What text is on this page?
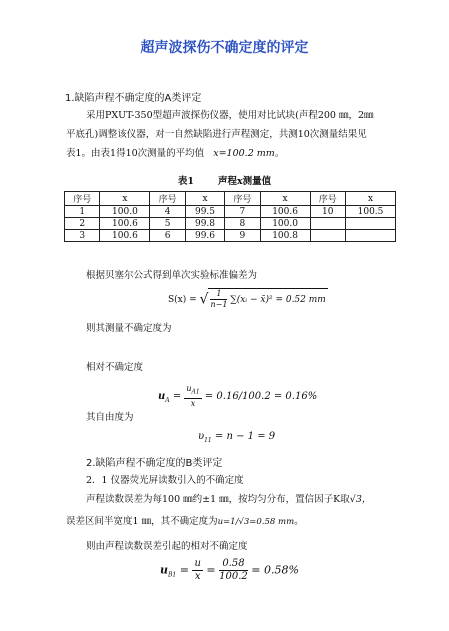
超声波探伤不确定度的评定
1.缺陷声程不确定度的A类评定
采用PXUT-350型超声波探伤仪器，使用对比试块(声程200 ㎜，2㎜
平底孔)调整该仪器，对一自然缺陷进行声程测定，共测10次测量结果见
表1。由表1得10次测量的平均值 x=100.2 mm。
表1	声程x测量值
序号	x	序号	x	序号	x	序号	x
1	100.0	4	99.5	7	100.6	10	100.5
2	100.6	5	99.8	8	100.0		
3	100.6	6	99.6	9	100.8		
根据贝塞尔公式得到单次实验标准偏差为
S(x) = √ $\frac{1}{n-1}$ ∑(xᵢ − x̄)² = 0.52 mm
则其测量不确定度为
相对不确定度
$u_A = \frac{u_{A1}}{x} = 0.16/100.2 = 0.16\%$
其自由度为
$\upsilon_{11} = n - 1 = 9$
2.缺陷声程不确定度的B类评定
2．1 仪器荧光屏读数引入的不确定度
声程读数误差为每100 ㎜约±1 ㎜，按均匀分布，置信因子K取√3，
误差区间半宽度1 ㎜，其不确定度为u=1/√3=0.58 mm。
则由声程读数误差引起的相对不确定度
$u_{B1} = \frac{u}{x} = \frac{0.58}{100.2} = 0.58\%$
